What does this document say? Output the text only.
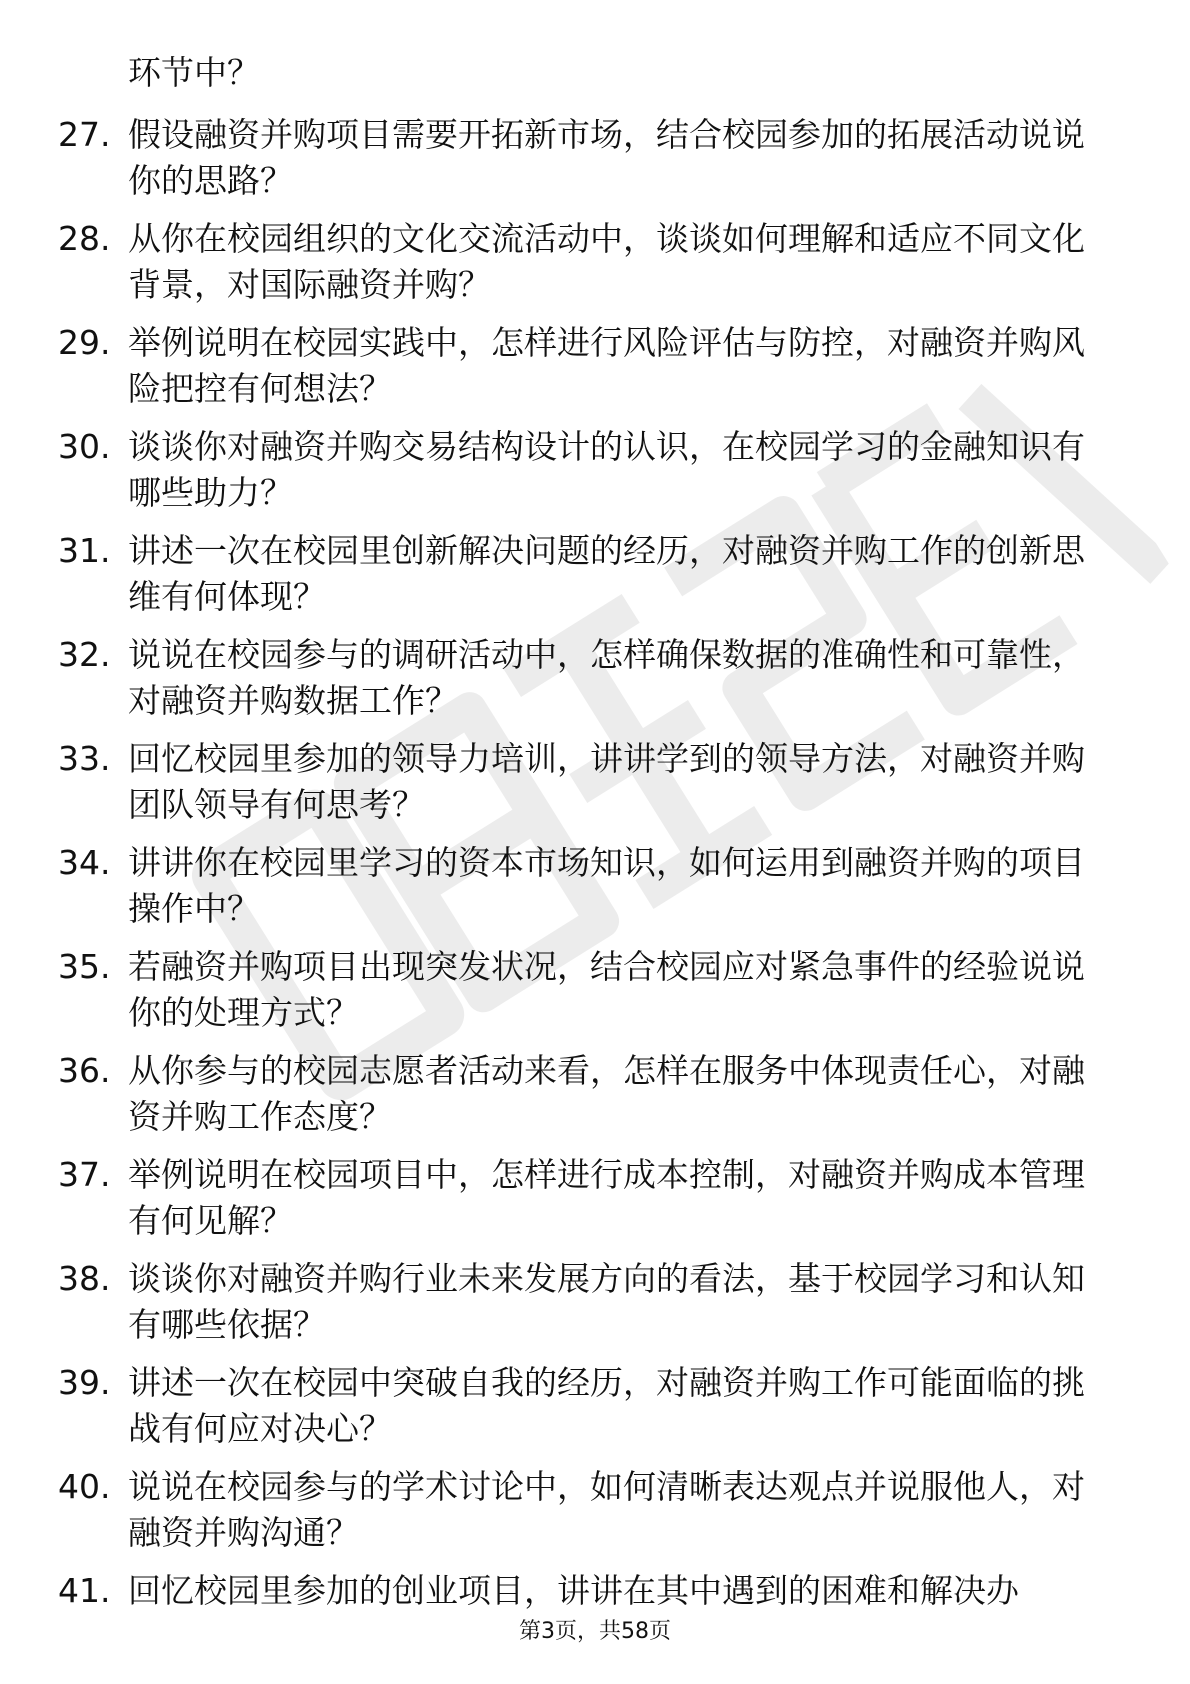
环节中？

27. 假设融资并购项目需要开拓新市场，结合校园参加的拓展活动说说你的思路？

28. 从你在校园组织的文化交流活动中，谈谈如何理解和适应不同文化背景，对国际融资并购？

29. 举例说明在校园实践中，怎样进行风险评估与防控，对融资并购风险把控有何想法？

30. 谈谈你对融资并购交易结构设计的认识，在校园学习的金融知识有哪些助力？

31. 讲述一次在校园里创新解决问题的经历，对融资并购工作的创新思维有何体现？

32. 说说在校园参与的调研活动中，怎样确保数据的准确性和可靠性，对融资并购数据工作？

33. 回忆校园里参加的领导力培训，讲讲学到的领导方法，对融资并购团队领导有何思考？

34. 讲讲你在校园里学习的资本市场知识，如何运用到融资并购的项目操作中？

35. 若融资并购项目出现突发状况，结合校园应对紧急事件的经验说说你的处理方式？

36. 从你参与的校园志愿者活动来看，怎样在服务中体现责任心，对融资并购工作态度？

37. 举例说明在校园项目中，怎样进行成本控制，对融资并购成本管理有何见解？

38. 谈谈你对融资并购行业未来发展方向的看法，基于校园学习和认知有哪些依据？

39. 讲述一次在校园中突破自我的经历，对融资并购工作可能面临的挑战有何应对决心？

40. 说说在校园参与的学术讨论中，如何清晰表达观点并说服他人，对融资并购沟通？

41. 回忆校园里参加的创业项目，讲讲在其中遇到的困难和解决办

第3页，共58页
